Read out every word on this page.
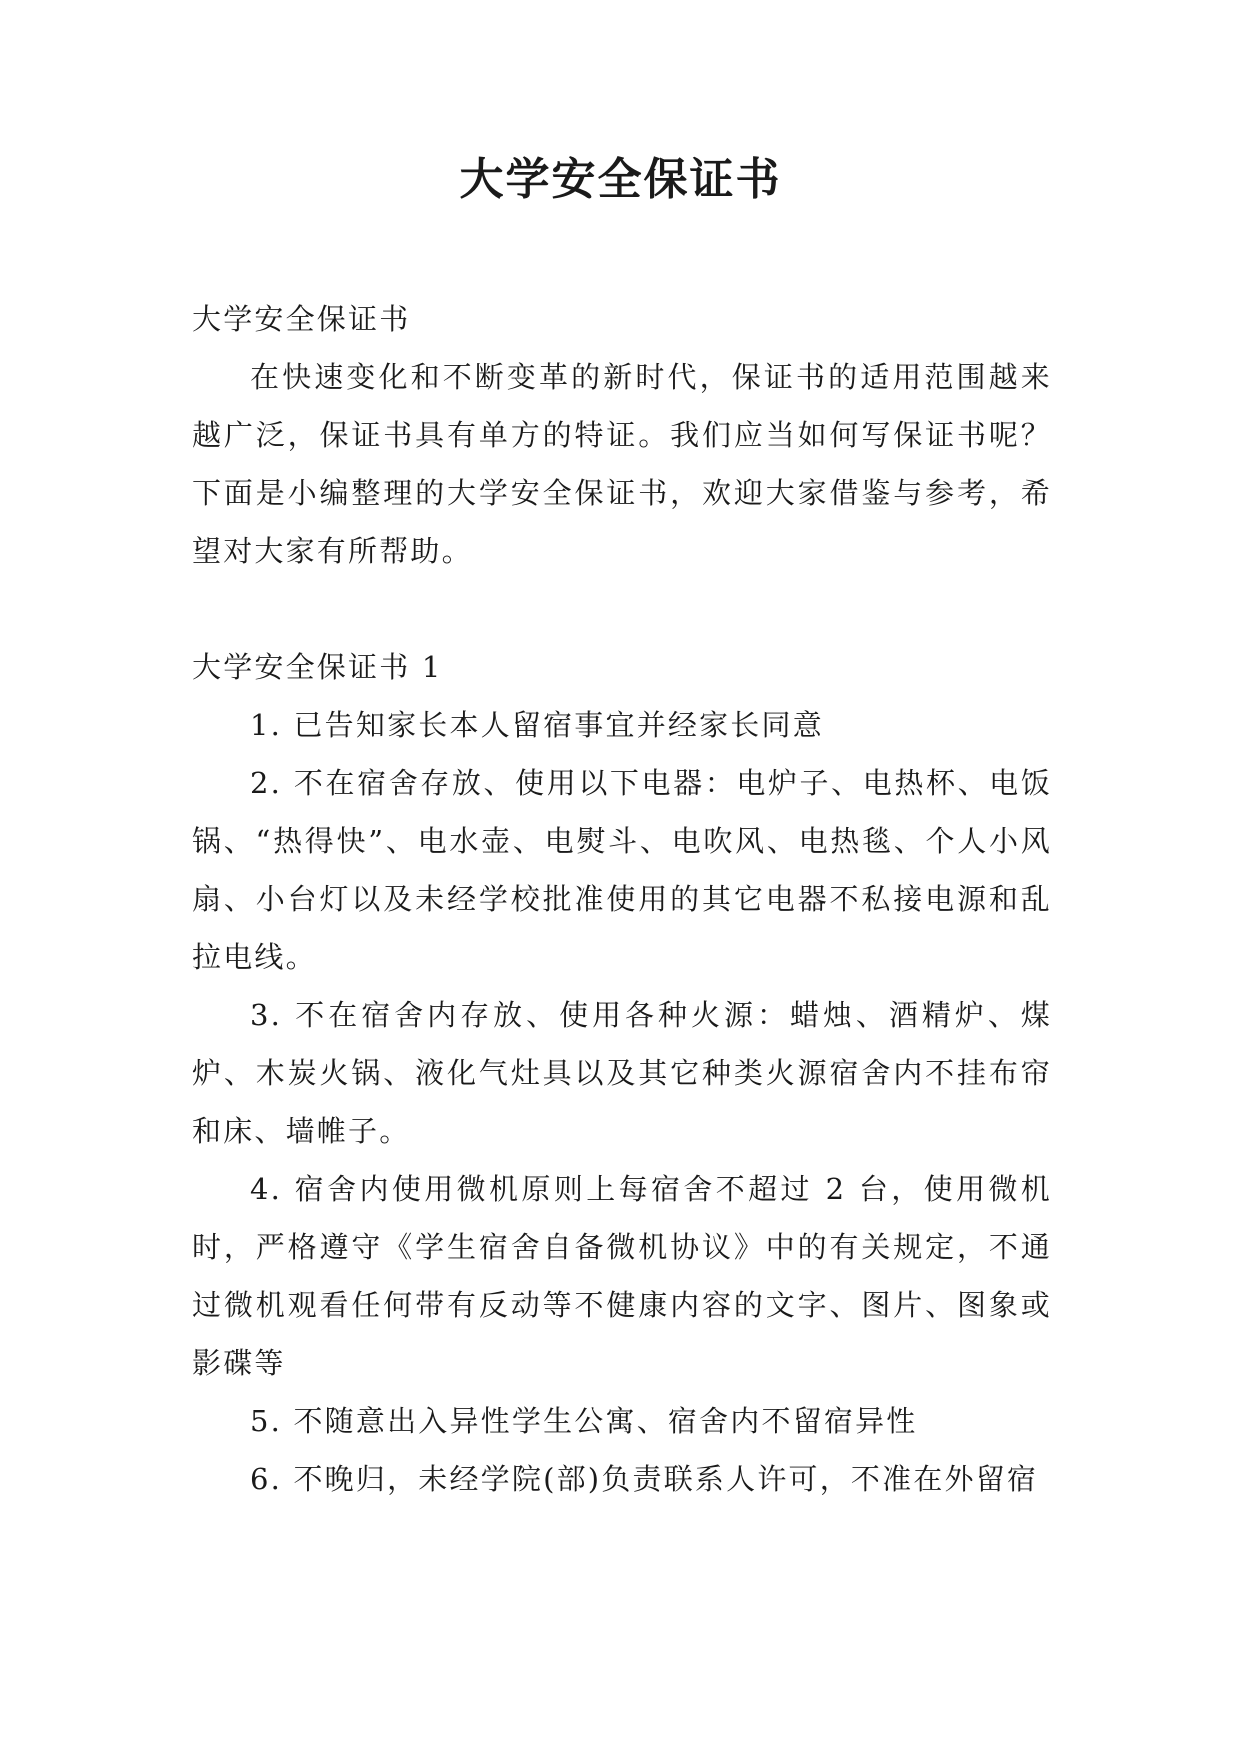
大学安全保证书

大学安全保证书

在快速变化和不断变革的新时代，保证书的适用范围越来越广泛，保证书具有单方的特证。我们应当如何写保证书呢？下面是小编整理的大学安全保证书，欢迎大家借鉴与参考，希望对大家有所帮助。

大学安全保证书 1

1. 已告知家长本人留宿事宜并经家长同意

2. 不在宿舍存放、使用以下电器：电炉子、电热杯、电饭锅、“热得快”、电水壶、电熨斗、电吹风、电热毯、个人小风扇、小台灯以及未经学校批准使用的其它电器不私接电源和乱拉电线。

3. 不在宿舍内存放、使用各种火源：蜡烛、酒精炉、煤炉、木炭火锅、液化气灶具以及其它种类火源宿舍内不挂布帘和床、墙帷子。

4. 宿舍内使用微机原则上每宿舍不超过 2 台，使用微机时，严格遵守《学生宿舍自备微机协议》中的有关规定，不通过微机观看任何带有反动等不健康内容的文字、图片、图象或影碟等

5. 不随意出入异性学生公寓、宿舍内不留宿异性

6. 不晚归，未经学院(部)负责联系人许可，不准在外留宿
